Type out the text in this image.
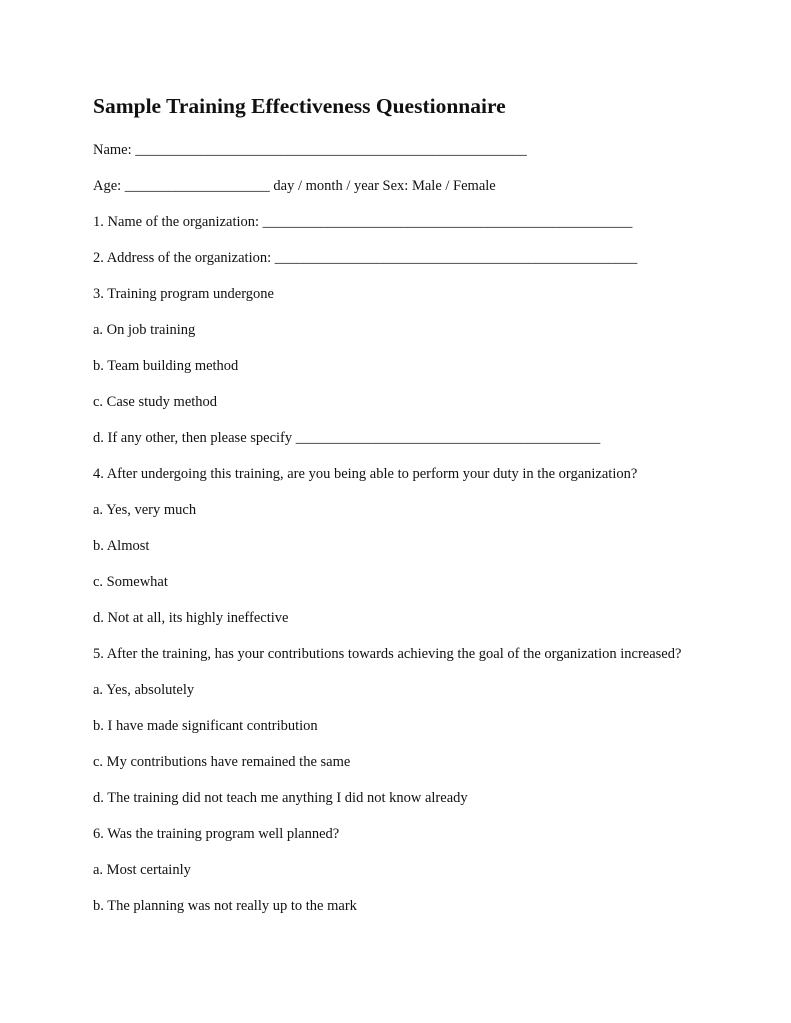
Sample Training Effectiveness Questionnaire

Name: ______________________________________________________

Age: ____________________ day / month / year Sex: Male / Female

1. Name of the organization: ___________________________________________________

2. Address of the organization: __________________________________________________

3. Training program undergone

a. On job training

b. Team building method

c. Case study method

d. If any other, then please specify __________________________________________

4. After undergoing this training, are you being able to perform your duty in the organization?

a. Yes, very much

b. Almost

c. Somewhat

d. Not at all, its highly ineffective

5. After the training, has your contributions towards achieving the goal of the organization increased?

a. Yes, absolutely

b. I have made significant contribution

c. My contributions have remained the same

d. The training did not teach me anything I did not know already

6. Was the training program well planned?

a. Most certainly

b. The planning was not really up to the mark
